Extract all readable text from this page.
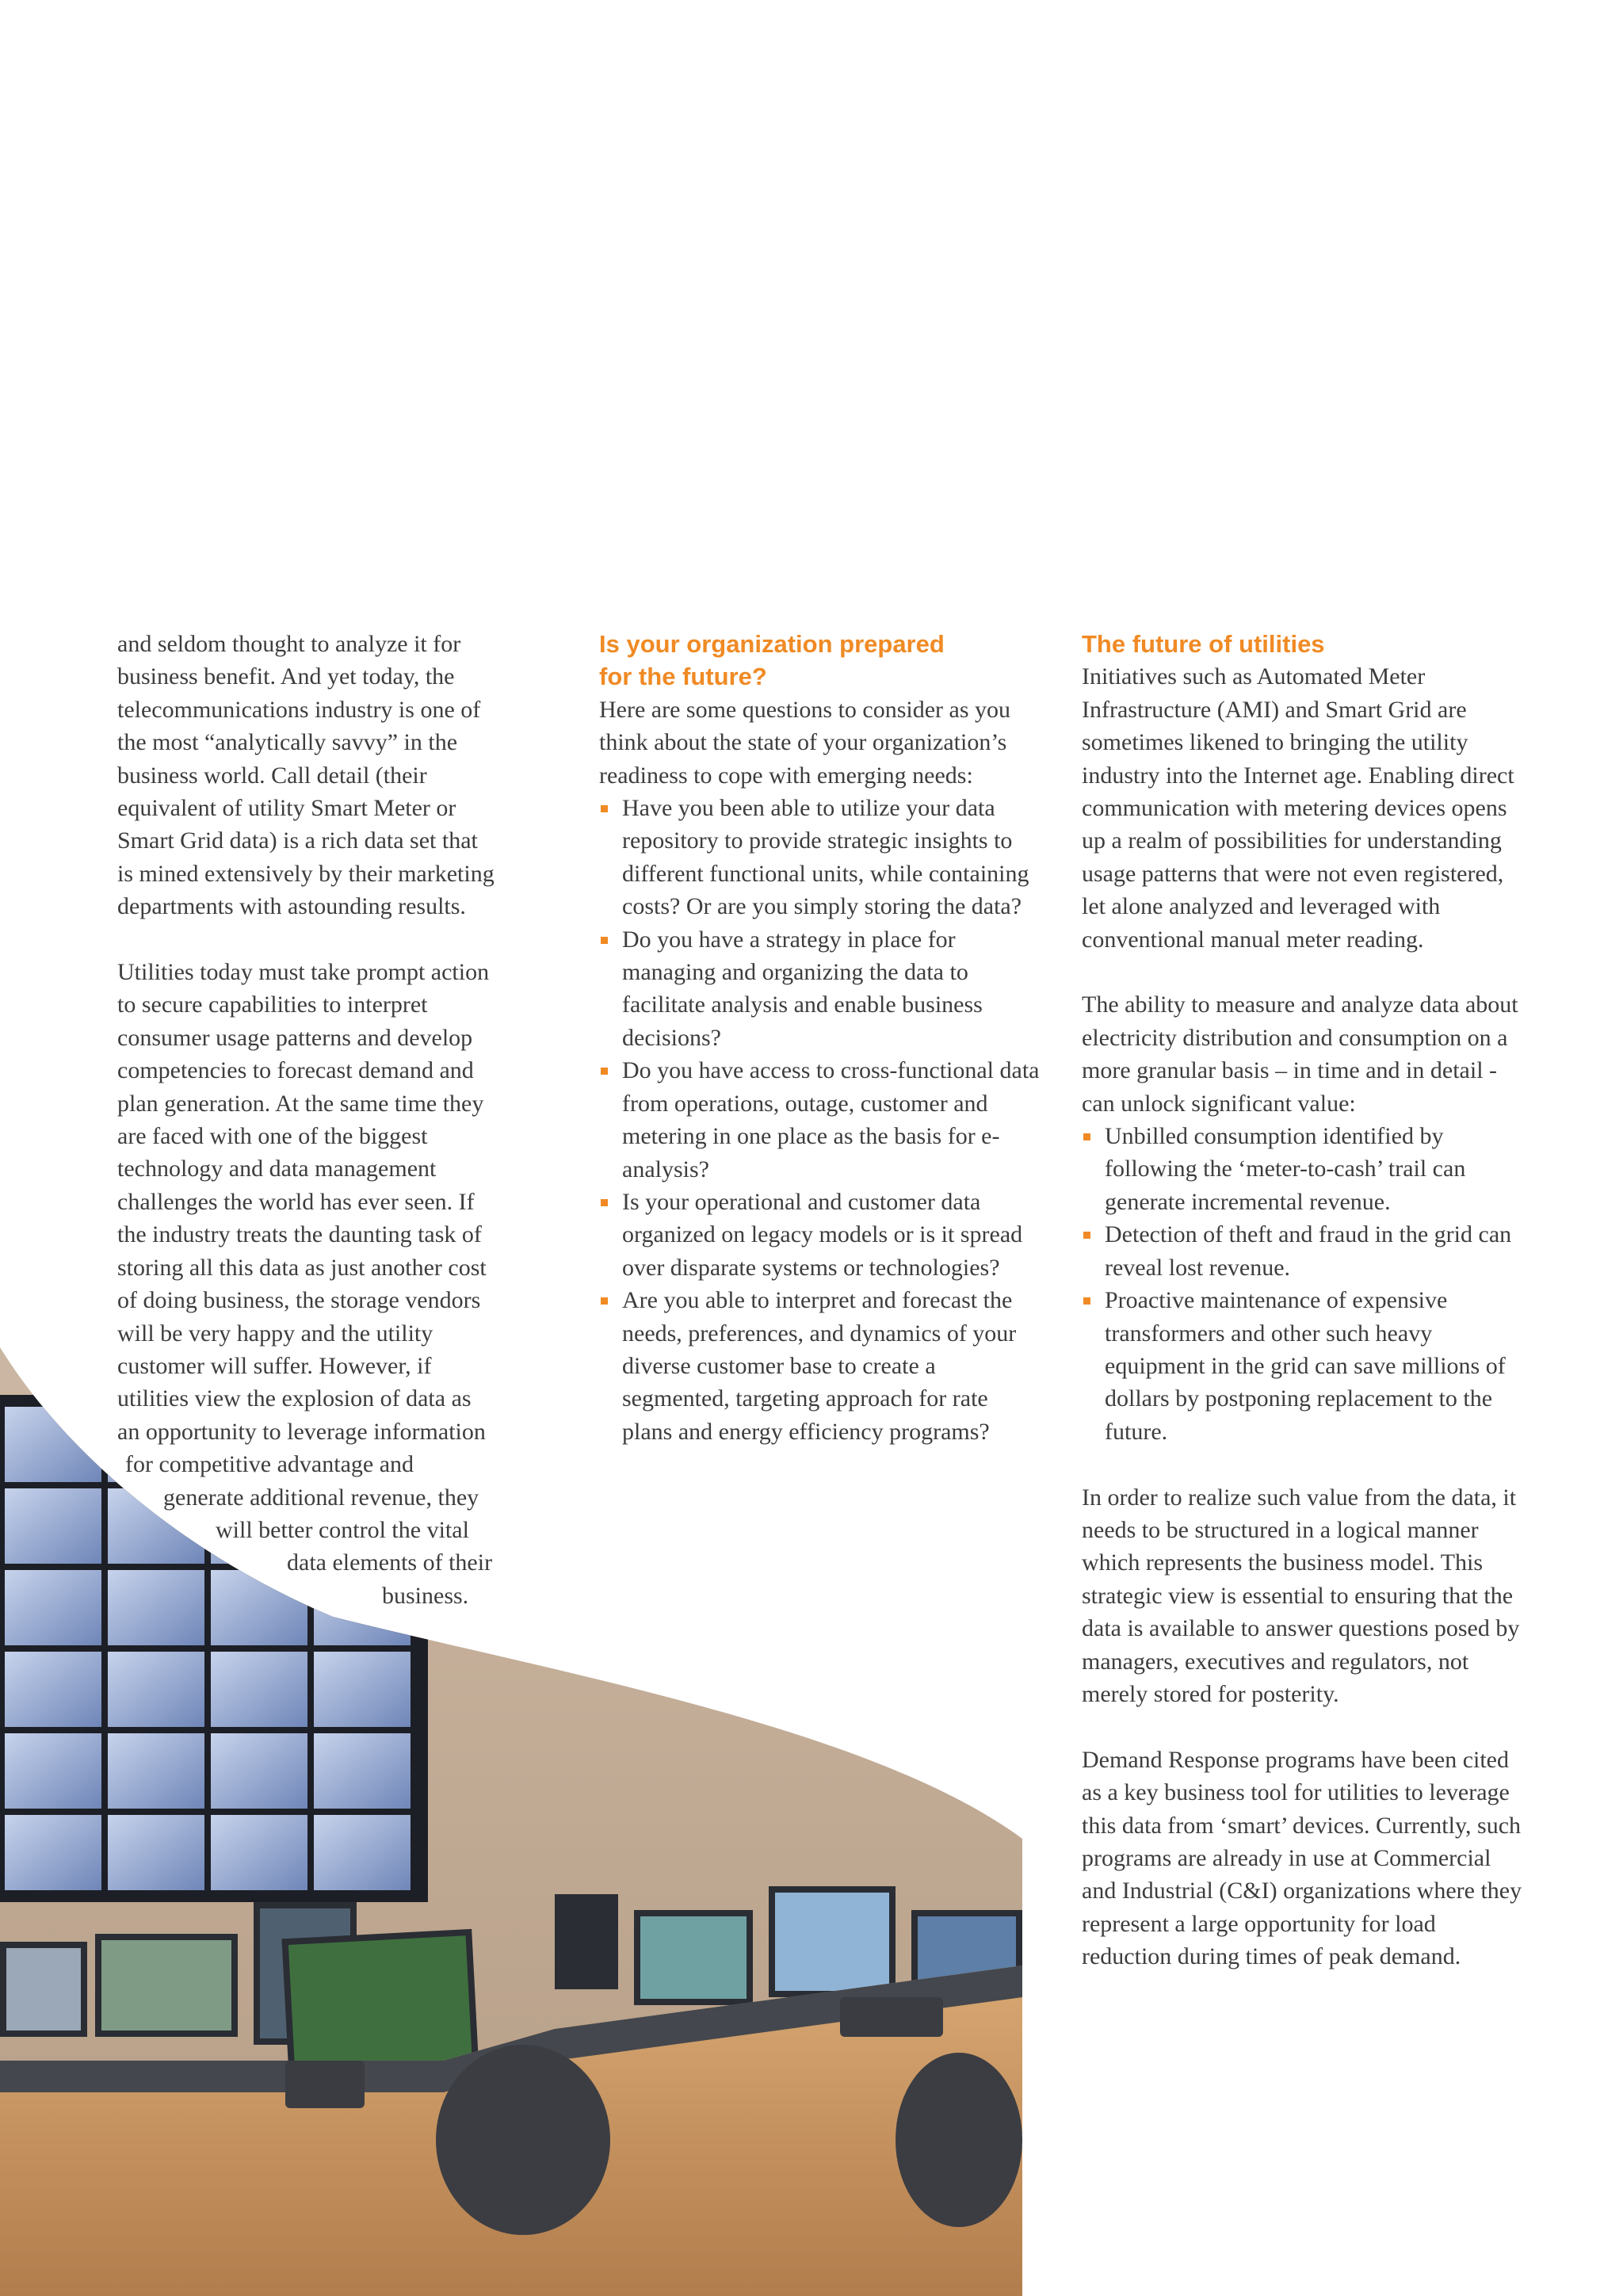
and seldom thought to analyze it for
business benefit. And yet today, the
telecommunications industry is one of
the most “analytically savvy” in the
business world. Call detail (their
equivalent of utility Smart Meter or
Smart Grid data) is a rich data set that
is mined extensively by their marketing
departments with astounding results.

Utilities today must take prompt action
to secure capabilities to interpret
consumer usage patterns and develop
competencies to forecast demand and
plan generation. At the same time they
are faced with one of the biggest
technology and data management
challenges the world has ever seen. If
the industry treats the daunting task of
storing all this data as just another cost
of doing business, the storage vendors
will be very happy and the utility
customer will suffer. However, if
utilities view the explosion of data as
an opportunity to leverage information
for competitive advantage and
generate additional revenue, they
will better control the vital
data elements of their
business.

Is your organization prepared
for the future?

Here are some questions to consider as you think about the state of your organization’s readiness to cope with emerging needs:

Have you been able to utilize your data repository to provide strategic insights to different functional units, while containing costs? Or are you simply storing the data?
Do you have a strategy in place for managing and organizing the data to facilitate analysis and enable business decisions?
Do you have access to cross-functional data from operations, outage, customer and metering in one place as the basis for e-analysis?
Is your operational and customer data organized on legacy models or is it spread over disparate systems or technologies?
Are you able to interpret and forecast the needs, preferences, and dynamics of your diverse customer base to create a segmented, targeting approach for rate plans and energy efficiency programs?
The future of utilities

Initiatives such as Automated Meter Infrastructure (AMI) and Smart Grid are sometimes likened to bringing the utility industry into the Internet age. Enabling direct communication with metering devices opens up a realm of possibilities for understanding usage patterns that were not even registered, let alone analyzed and leveraged with conventional manual meter reading.

The ability to measure and analyze data about electricity distribution and consumption on a more granular basis – in time and in detail - can unlock significant value:

Unbilled consumption identified by following the ‘meter-to-cash’ trail can generate incremental revenue.
Detection of theft and fraud in the grid can reveal lost revenue.
Proactive maintenance of expensive transformers and other such heavy equipment in the grid can save millions of dollars by postponing replacement to the future.

In order to realize such value from the data, it needs to be structured in a logical manner which represents the business model. This strategic view is essential to ensuring that the data is available to answer questions posed by managers, executives and regulators, not merely stored for posterity.

Demand Response programs have been cited as a key business tool for utilities to leverage this data from ‘smart’ devices. Currently, such programs are already in use at Commercial and Industrial (C&I) organizations where they represent a large opportunity for load reduction during times of peak demand.
